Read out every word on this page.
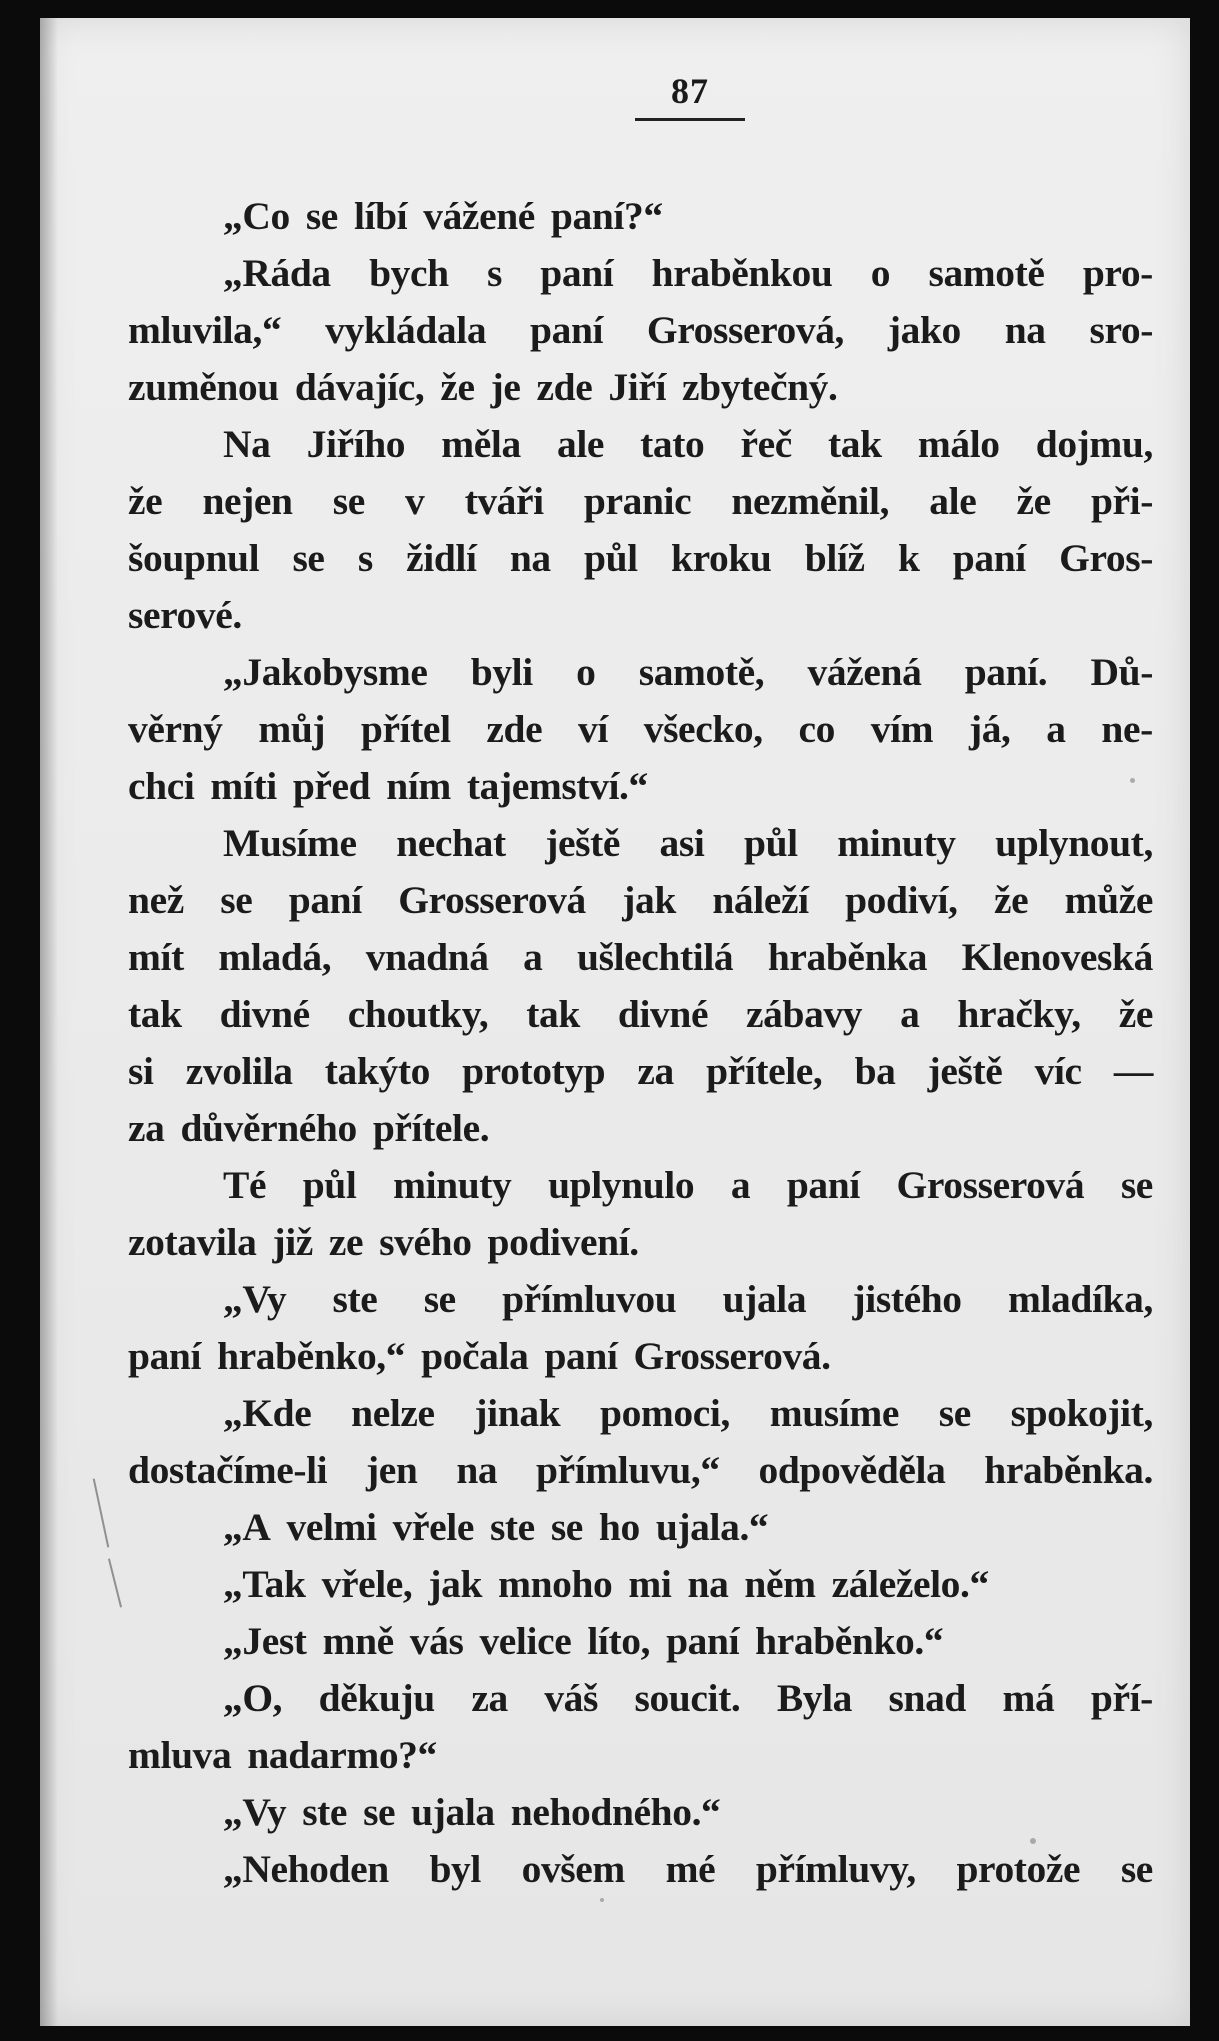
87
„Co se líbí vážené paní?“
„Ráda bych s paní hraběnkou o samotě pro-
mluvila,“ vykládala paní Grosserová, jako na sro-
zuměnou dávajíc, že je zde Jiří zbytečný.
Na Jiřího měla ale tato řeč tak málo dojmu,
že nejen se v tváři pranic nezměnil, ale že při-
šoupnul se s židlí na půl kroku blíž k paní Gros-
serové.
„Jakobysme byli o samotě, vážená paní. Dů-
věrný můj přítel zde ví všecko, co vím já, a ne-
chci míti před ním tajemství.“
Musíme nechat ještě asi půl minuty uplynout,
než se paní Grosserová jak náleží podiví, že může
mít mladá, vnadná a ušlechtilá hraběnka Klenoveská
tak divné choutky, tak divné zábavy a hračky, že
si zvolila takýto prototyp za přítele, ba ještě víc —
za důvěrného přítele.
Té půl minuty uplynulo a paní Grosserová se
zotavila již ze svého podivení.
„Vy ste se přímluvou ujala jistého mladíka,
paní hraběnko,“ počala paní Grosserová.
„Kde nelze jinak pomoci, musíme se spokojit,
dostačíme-li jen na přímluvu,“ odpověděla hraběnka.
„A velmi vřele ste se ho ujala.“
„Tak vřele, jak mnoho mi na něm záleželo.“
„Jest mně vás velice líto, paní hraběnko.“
„O, děkuju za váš soucit. Byla snad má pří-
mluva nadarmo?“
„Vy ste se ujala nehodného.“
„Nehoden byl ovšem mé přímluvy, protože se
